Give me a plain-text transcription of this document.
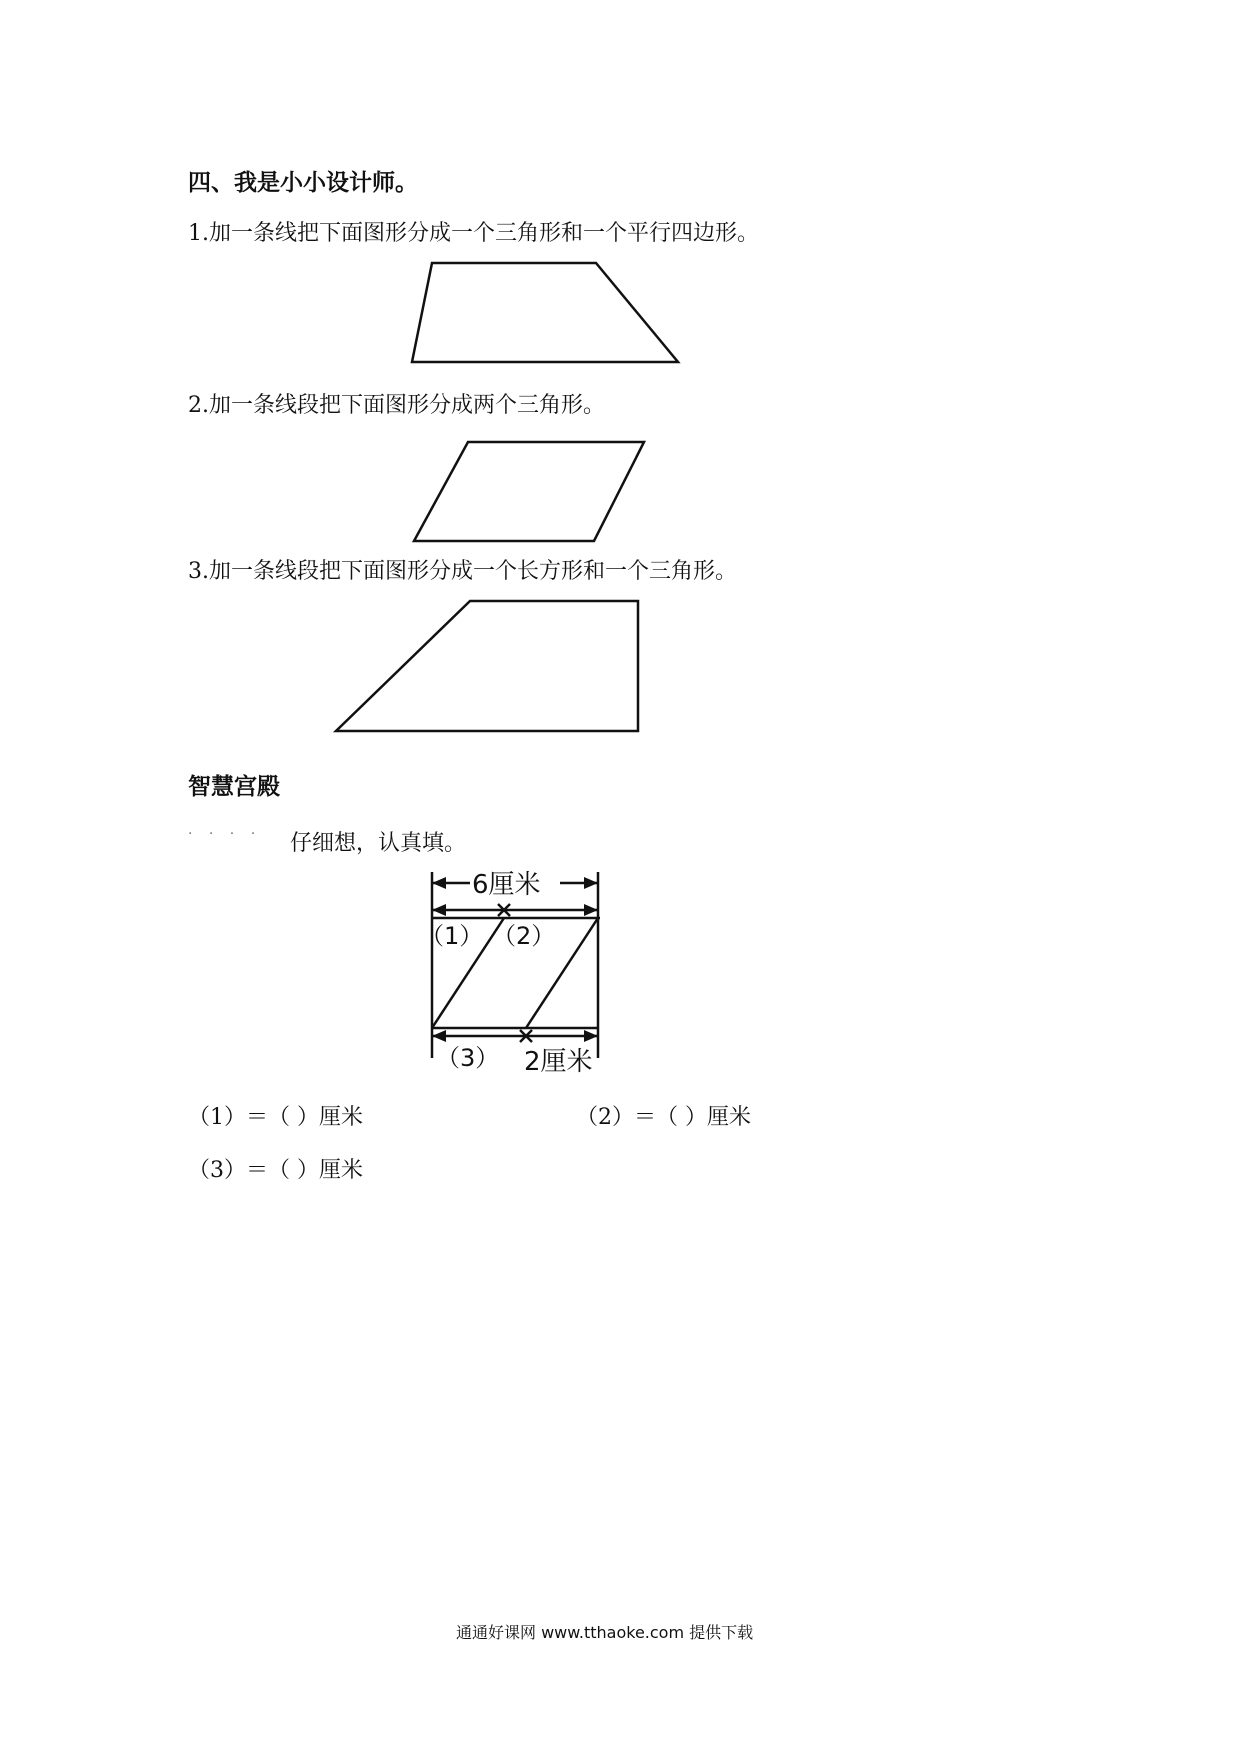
四、我是小小设计师。
1.加一条线把下面图形分成一个三角形和一个平行四边形。
2.加一条线段把下面图形分成两个三角形。
3.加一条线段把下面图形分成一个长方形和一个三角形。
智慧宫殿
. . . .
仔细想，认真填。
6厘米
（1） （2）
（3） 2厘米
（1）＝（ ）厘米	（2）＝（ ）厘米
（3）＝（ ）厘米
通通好课网 www.tthaoke.com 提供下载
